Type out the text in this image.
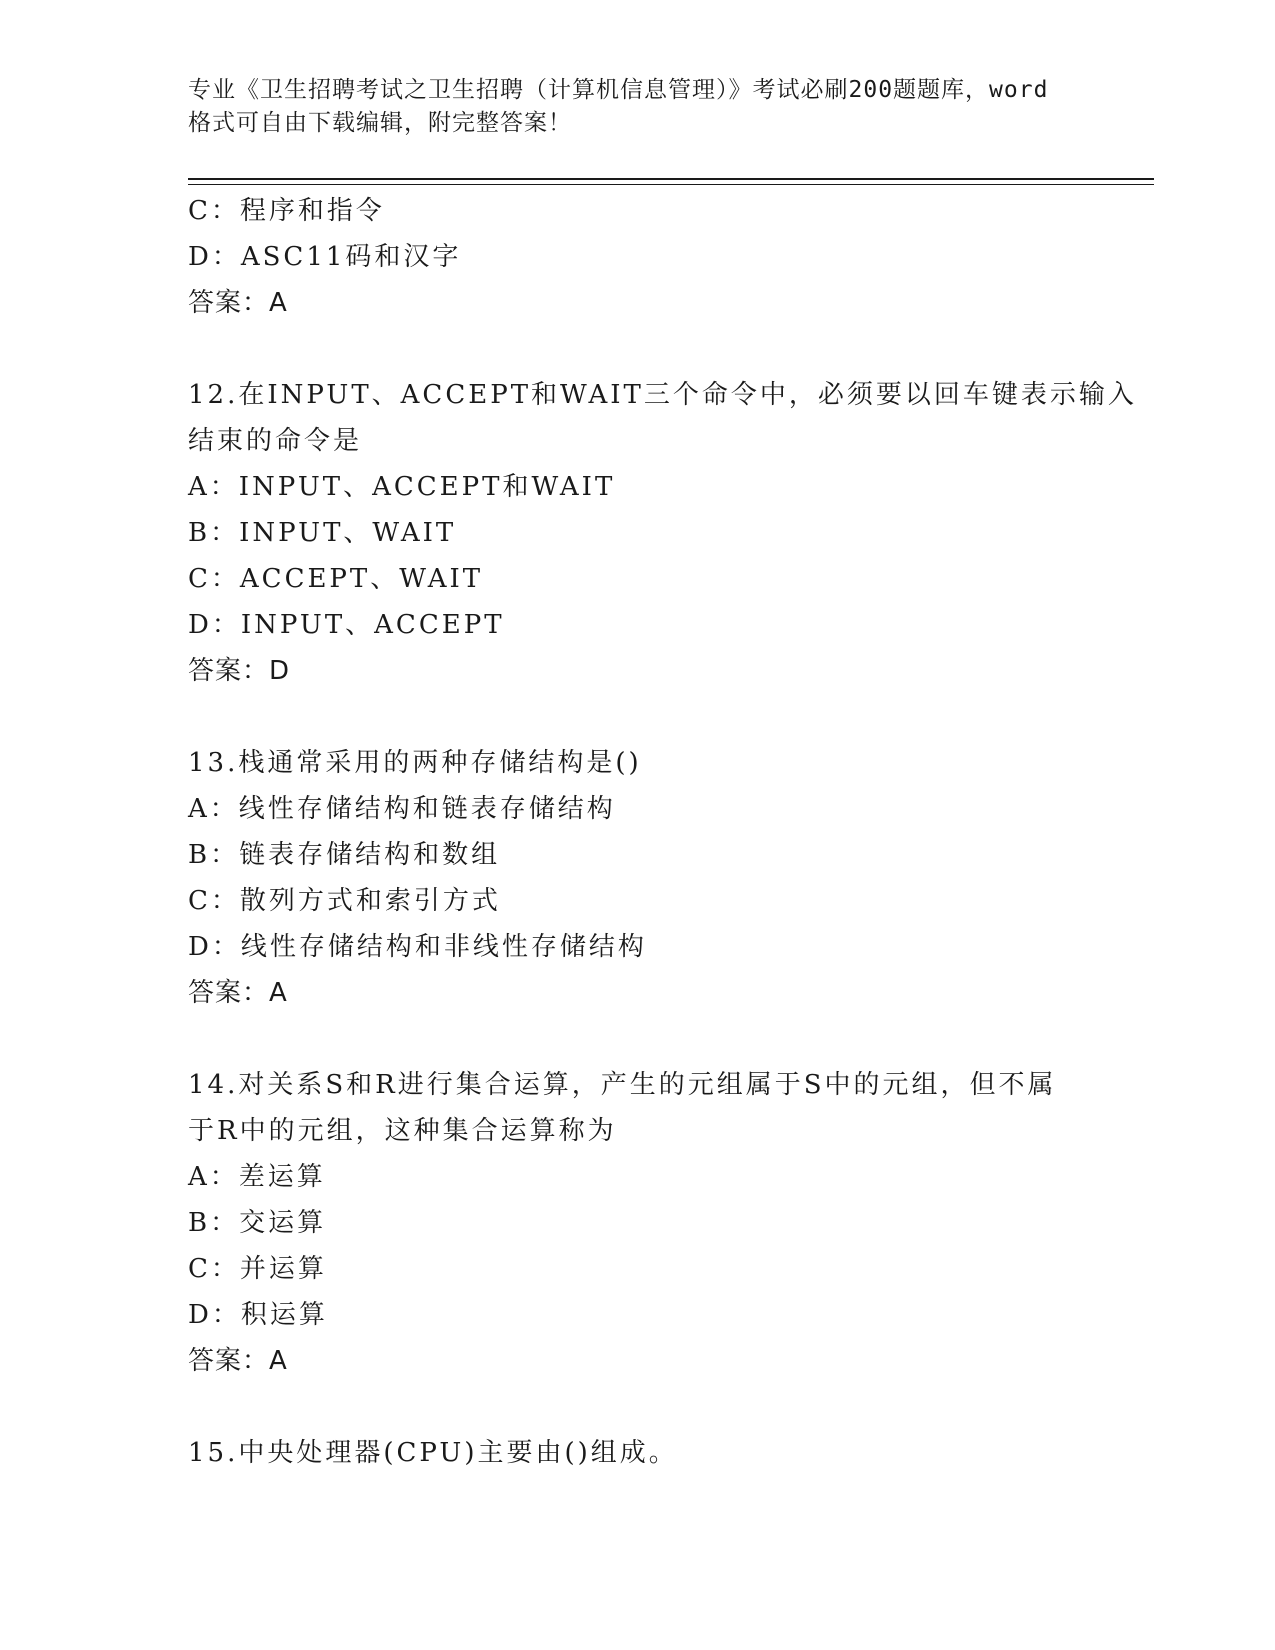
专业《卫生招聘考试之卫生招聘（计算机信息管理）》考试必刷200题题库，word
格式可自由下载编辑，附完整答案！
C：程序和指令
D：ASC11码和汉字
答案：A
12.在INPUT、ACCEPT和WAIT三个命令中，必须要以回车键表示输入
结束的命令是
A：INPUT、ACCEPT和WAIT
B：INPUT、WAIT
C：ACCEPT、WAIT
D：INPUT、ACCEPT
答案：D
13.栈通常采用的两种存储结构是()
A：线性存储结构和链表存储结构
B：链表存储结构和数组
C：散列方式和索引方式
D：线性存储结构和非线性存储结构
答案：A
14.对关系S和R进行集合运算，产生的元组属于S中的元组，但不属
于R中的元组，这种集合运算称为
A：差运算
B：交运算
C：并运算
D：积运算
答案：A
15.中央处理器(CPU)主要由()组成。
